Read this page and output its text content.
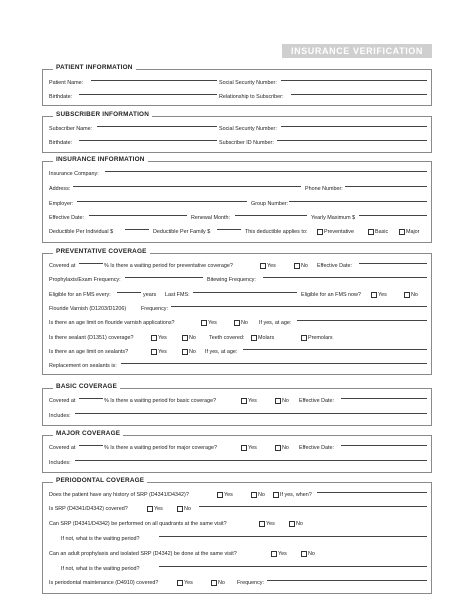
INSURANCE VERIFICATION FORM
PATIENT INFORMATION
Patient Name:	Social Security Number:
Birthdate:	Relationship to Subscriber:
SUBSCRIBER INFORMATION
Subscriber Name:	Social Security Number:
Birthdate:	Subscriber ID Number:
INSURANCE INFORMATION
Insurance Company:
Address:	Phone Number:
Employer:	Group Number:
Effective Date:	Renewal Month:	Yearly Maximum $
Deductible Per Individual $	Deductible Per Family $	This deductible applies to:	Preventative	Basic	Major
PREVENTATIVE COVERAGE
Covered at	% Is there a waiting period for preventative coverage?	Yes	No Effective Date:
Prophylaxis/Exam Frequency:	Bitewing Frequency:
Eligible for an FMS every:	years Last FMS:	Eligible for an FMS now?	Yes	No
Flouride Varnish (D1203/D1206)	Frequency:
Is there an age limit on flouride varnish applications?	Yes	No If yes, at age:
Is there sealant (D1351) coverage?	Yes	No Teeth covered:	Molars	Premolars
Is there an age limit on sealants?	Yes	No If yes, at age:
Replacement on sealants is:
BASIC COVERAGE
Covered at	% Is there a waiting period for basic coverage?	Yes	No Effective Date:
Includes:
MAJOR COVERAGE
Covered at	% Is there a waiting period for major coverage?	Yes	No Effective Date:
Includes:
PERIODONTAL COVERAGE
Does the patient have any history of SRP (D4341/D4342)?	Yes	No	If yes, when?
Is SRP (D4341/D4342) covered?	Yes	No
Can SRP (D4341/D4342) be performed on all quadrants at the same visit?	Yes	No
If not, what is the waiting period?
Can an adult prophylaxis and isolated SRP (D4342) be done at the same visit?	Yes	No
If not, what is the waiting period?
Is periodontal maintenance (D4910) covered?	Yes	No Frequency:
